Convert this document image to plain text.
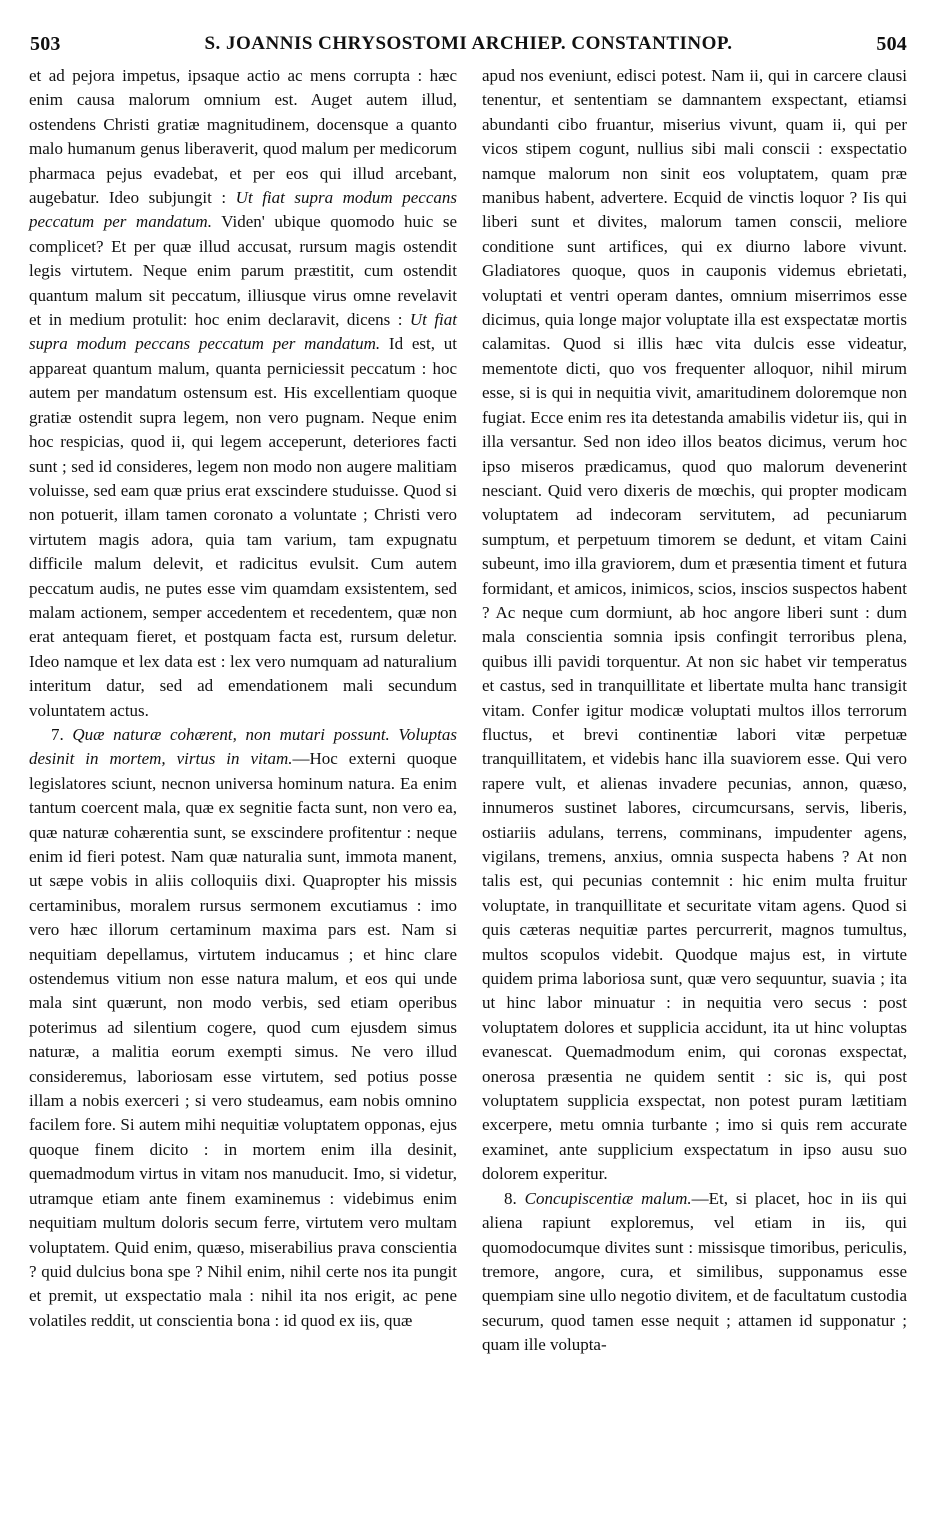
503	S. JOANNIS CHRYSOSTOMI ARCHIEP. CONSTANTINOP.	504

et ad pejora impetus, ipsaque actio ac mens corrupta : hæc enim causa malorum omnium est. Auget autem illud, ostendens Christi gratiæ magnitudinem, docensque a quanto malo humanum genus liberaverit, quod malum per medicorum pharmaca pejus evadebat, et per eos qui illud arcebant, augebatur. Ideo subjungit : Ut fiat supra modum peccans peccatum per mandatum. Viden' ubique quomodo huic se complicet? Et per quæ illud accusat, rursum magis ostendit legis virtutem. Neque enim parum præstitit, cum ostendit quantum malum sit peccatum, illiusque virus omne revelavit et in medium protulit: hoc enim declaravit, dicens : Ut fiat supra modum peccans peccatum per mandatum. Id est, ut appareat quantum malum, quanta perniciessit peccatum : hoc autem per mandatum ostensum est. His excellentiam quoque gratiæ ostendit supra legem, non vero pugnam. Neque enim hoc respicias, quod ii, qui legem acceperunt, deteriores facti sunt ; sed id consideres, legem non modo non augere malitiam voluisse, sed eam quæ prius erat exscindere studuisse. Quod si non potuerit, illam tamen coronato a voluntate ; Christi vero virtutem magis adora, quia tam varium, tam expugnatu difficile malum delevit, et radicitus evulsit. Cum autem peccatum audis, ne putes esse vim quamdam exsistentem, sed malam actionem, semper accedentem et recedentem, quæ non erat antequam fieret, et postquam facta est, rursum deletur. Ideo namque et lex data est : lex vero numquam ad naturalium interitum datur, sed ad emendationem mali secundum voluntatem actus.

7. Quæ naturæ cohærent, non mutari possunt. Voluptas desinit in mortem, virtus in vitam.—Hoc externi quoque legislatores sciunt, necnon universa hominum natura. Ea enim tantum coercent mala, quæ ex segnitie facta sunt, non vero ea, quæ naturæ cohærentia sunt, se exscindere profitentur : neque enim id fieri potest. Nam quæ naturalia sunt, immota manent, ut sæpe vobis in aliis colloquiis dixi. Quapropter his missis certaminibus, moralem rursus sermonem excutiamus : imo vero hæc illorum certaminum maxima pars est. Nam si nequitiam depellamus, virtutem inducamus ; et hinc clare ostendemus vitium non esse natura malum, et eos qui unde mala sint quærunt, non modo verbis, sed etiam operibus poterimus ad silentium cogere, quod cum ejusdem simus naturæ, a malitia eorum exempti simus. Ne vero illud consideremus, laboriosam esse virtutem, sed potius posse illam a nobis exerceri ; si vero studeamus, eam nobis omnino facilem fore. Si autem mihi nequitiæ voluptatem opponas, ejus quoque finem dicito : in mortem enim illa desinit, quemadmodum virtus in vitam nos manuducit. Imo, si videtur, utramque etiam ante finem examinemus : videbimus enim nequitiam multum doloris secum ferre, virtutem vero multam voluptatem. Quid enim, quæso, miserabilius prava conscientia ? quid dulcius bona spe ? Nihil enim, nihil certe nos ita pungit et premit, ut exspectatio mala : nihil ita nos erigit, ac pene volatiles reddit, ut conscientia bona : id quod ex iis, quæ

apud nos eveniunt, edisci potest. Nam ii, qui in carcere clausi tenentur, et sententiam se damnantem exspectant, etiamsi abundanti cibo fruantur, miserius vivunt, quam ii, qui per vicos stipem cogunt, nullius sibi mali conscii : exspectatio namque malorum non sinit eos voluptatem, quam præ manibus habent, advertere. Ecquid de vinctis loquor ? Iis qui liberi sunt et divites, malorum tamen conscii, meliore conditione sunt artifices, qui ex diurno labore vivunt. Gladiatores quoque, quos in cauponis videmus ebrietati, voluptati et ventri operam dantes, omnium miserrimos esse dicimus, quia longe major voluptate illa est exspectatæ mortis calamitas. Quod si illis hæc vita dulcis esse videatur, mementote dicti, quo vos frequenter alloquor, nihil mirum esse, si is qui in nequitia vivit, amaritudinem doloremque non fugiat. Ecce enim res ita detestanda amabilis videtur iis, qui in illa versantur. Sed non ideo illos beatos dicimus, verum hoc ipso miseros prædicamus, quod quo malorum devenerint nesciant. Quid vero dixeris de mœchis, qui propter modicam voluptatem ad indecoram servitutem, ad pecuniarum sumptum, et perpetuum timorem se dedunt, et vitam Caini subeunt, imo illa graviorem, dum et præsentia timent et futura formidant, et amicos, inimicos, scios, inscios suspectos habent ? Ac neque cum dormiunt, ab hoc angore liberi sunt : dum mala conscientia somnia ipsis confingit terroribus plena, quibus illi pavidi torquentur. At non sic habet vir temperatus et castus, sed in tranquillitate et libertate multa hanc transigit vitam. Confer igitur modicæ voluptati multos illos terrorum fluctus, et brevi continentiæ labori vitæ perpetuæ tranquillitatem, et videbis hanc illa suaviorem esse. Qui vero rapere vult, et alienas invadere pecunias, annon, quæso, innumeros sustinet labores, circumcursans, servis, liberis, ostiariis adulans, terrens, comminans, impudenter agens, vigilans, tremens, anxius, omnia suspecta habens ? At non talis est, qui pecunias contemnit : hic enim multa fruitur voluptate, in tranquillitate et securitate vitam agens. Quod si quis cæteras nequitiæ partes percurrerit, magnos tumultus, multos scopulos videbit. Quodque majus est, in virtute quidem prima laboriosa sunt, quæ vero sequuntur, suavia ; ita ut hinc labor minuatur : in nequitia vero secus : post voluptatem dolores et supplicia accidunt, ita ut hinc voluptas evanescat. Quemadmodum enim, qui coronas exspectat, onerosa præsentia ne quidem sentit : sic is, qui post voluptatem supplicia exspectat, non potest puram lætitiam excerpere, metu omnia turbante ; imo si quis rem accurate examinet, ante supplicium exspectatum in ipso ausu suo dolorem experitur.

8. Concupiscentiæ malum.—Et, si placet, hoc in iis qui aliena rapiunt exploremus, vel etiam in iis, qui quomodocumque divites sunt : missisque timoribus, periculis, tremore, angore, cura, et similibus, supponamus esse quempiam sine ullo negotio divitem, et de facultatum custodia securum, quod tamen esse nequit ; attamen id supponatur ; quam ille volupta-
